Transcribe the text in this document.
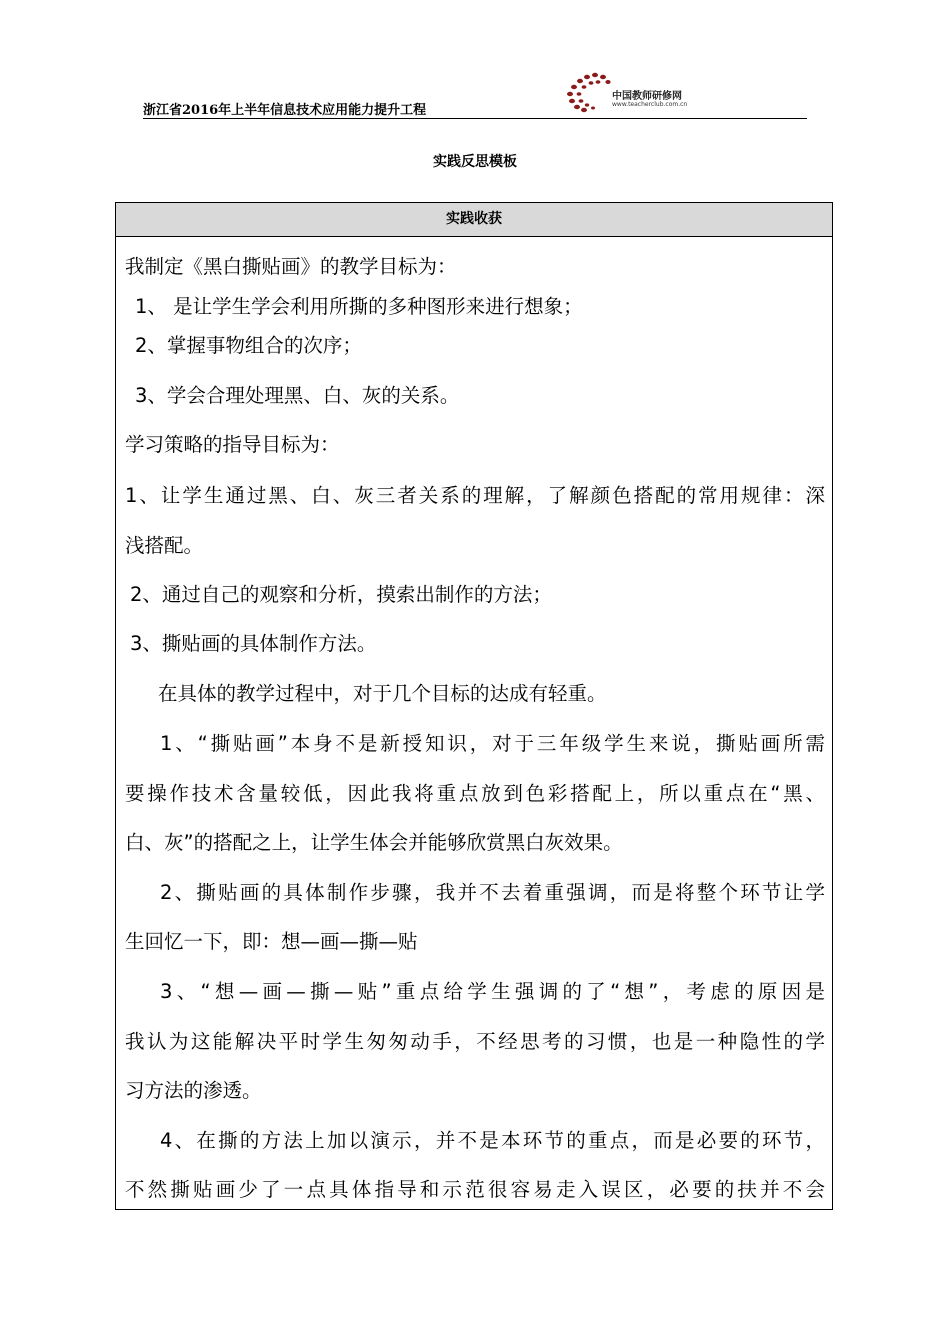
浙江省2016年上半年信息技术应用能力提升工程
中国教师研修网
www.teacherclub.com.cn
实践反思模板
实践收获
我制定《黑白撕贴画》的教学目标为：
1、 是让学生学会利用所撕的多种图形来进行想象；
2、掌握事物组合的次序；
3、学会合理处理黑、白、灰的关系。
学习策略的指导目标为：
1、让学生通过黑、白、灰三者关系的理解，了解颜色搭配的常用规律：深
浅搭配。
2、通过自己的观察和分析，摸索出制作的方法；
3、撕贴画的具体制作方法。
在具体的教学过程中，对于几个目标的达成有轻重。
1、“撕贴画”本身不是新授知识，对于三年级学生来说，撕贴画所需
要操作技术含量较低，因此我将重点放到色彩搭配上，所以重点在“黑、
白、灰”的搭配之上，让学生体会并能够欣赏黑白灰效果。
2、撕贴画的具体制作步骤，我并不去着重强调，而是将整个环节让学
生回忆一下，即：想—画—撕—贴
3、“想—画—撕—贴”重点给学生强调的了“想”，考虑的原因是
我认为这能解决平时学生匆匆动手，不经思考的习惯，也是一种隐性的学
习方法的渗透。
4、在撕的方法上加以演示，并不是本环节的重点，而是必要的环节，
不然撕贴画少了一点具体指导和示范很容易走入误区，必要的扶并不会
